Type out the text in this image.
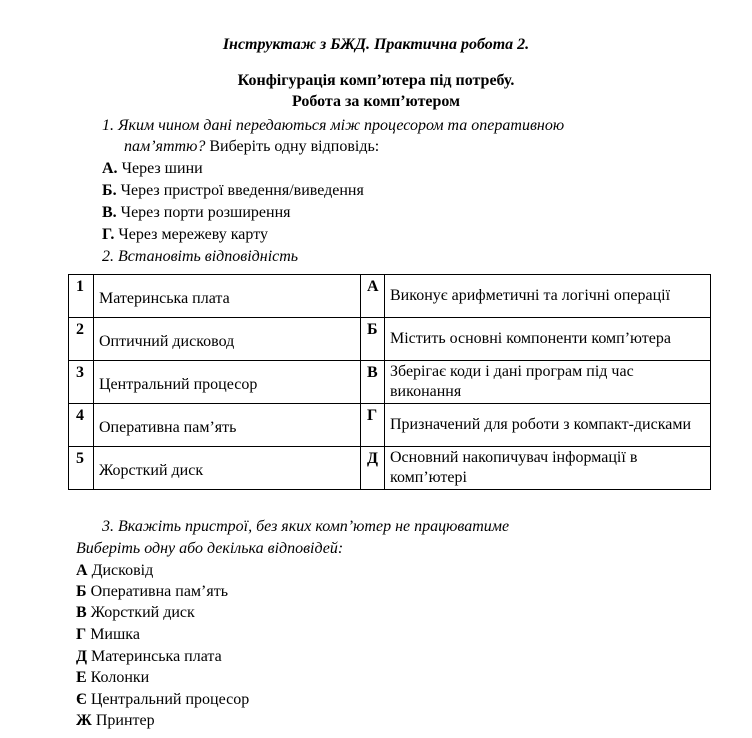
Інструктаж з БЖД. Практична робота 2.
Конфігурація комп’ютера під потребу.
Робота за комп’ютером
1. Яким чином дані передаються між процесором та оперативною
пам’яттю? Виберіть одну відповідь:
А. Через шини
Б. Через пристрої введення/виведення
В. Через порти розширення
Г. Через мережеву карту
2. Встановіть відповідність
1	Материнська плата	А	Виконує арифметичні та логічні операції
2	Оптичний дисковод	Б	Містить основні компоненти комп’ютера
3	Центральний процесор	В	Зберігає коди і дані програм під час виконання
4	Оперативна пам’ять	Г	Призначений для роботи з компакт-дисками
5	Жорсткий диск	Д	Основний накопичувач інформації в комп’ютері
3. Вкажіть пристрої, без яких комп’ютер не працюватиме
Виберіть одну або декілька відповідей:
А Дисковід
Б Оперативна пам’ять
В Жорсткий диск
Г Мишка
Д Материнська плата
Е Колонки
Є Центральний процесор
Ж Принтер
